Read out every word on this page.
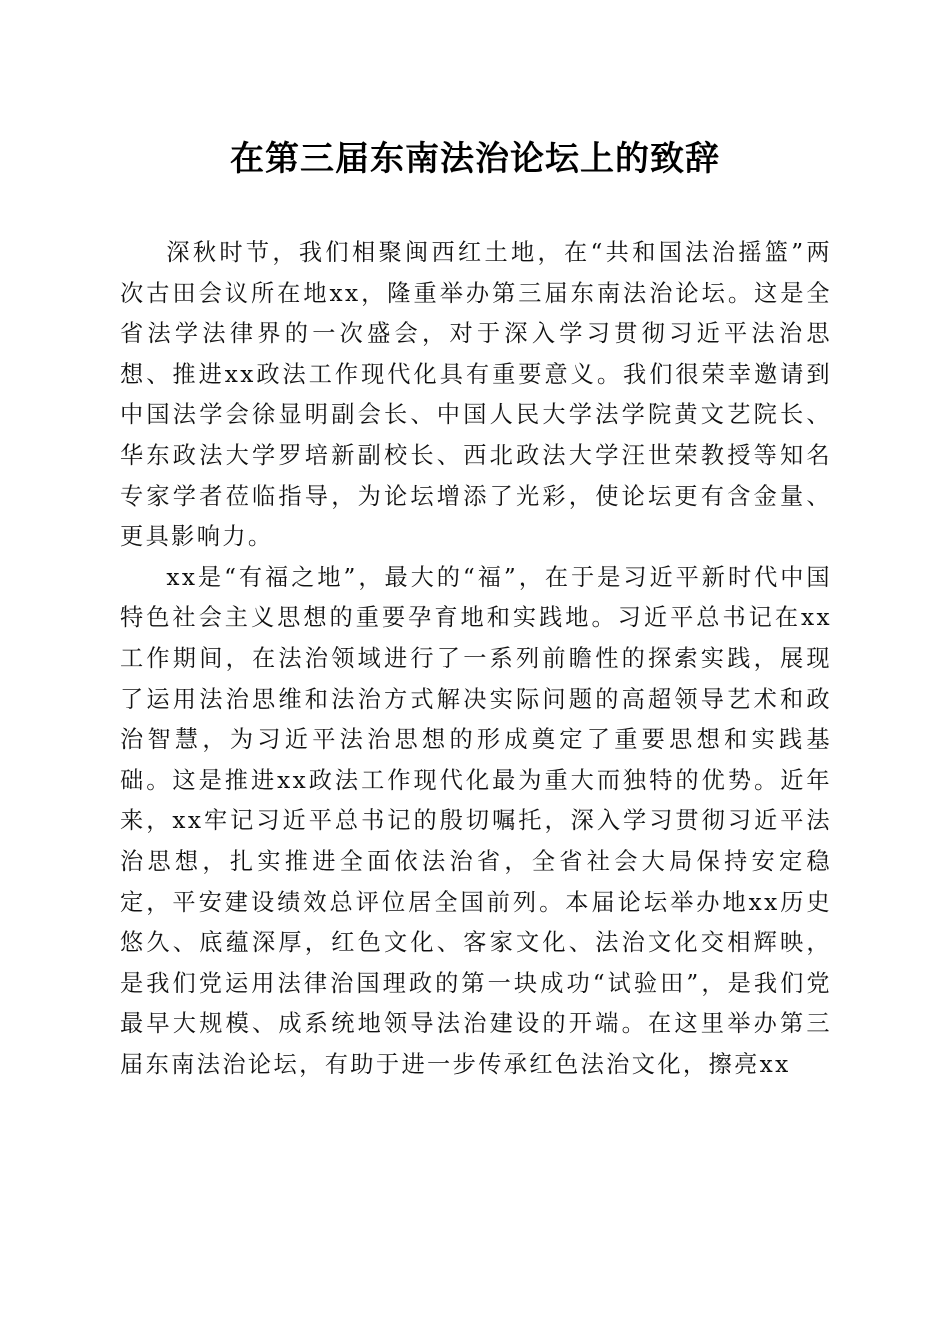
在第三届东南法治论坛上的致辞

深秋时节，我们相聚闽西红土地，在“共和国法治摇篮”两次古田会议所在地xx，隆重举办第三届东南法治论坛。这是全省法学法律界的一次盛会，对于深入学习贯彻习近平法治思想、推进xx政法工作现代化具有重要意义。我们很荣幸邀请到中国法学会徐显明副会长、中国人民大学法学院黄文艺院长、华东政法大学罗培新副校长、西北政法大学汪世荣教授等知名专家学者莅临指导，为论坛增添了光彩，使论坛更有含金量、更具影响力。

xx是“有福之地”，最大的“福”，在于是习近平新时代中国特色社会主义思想的重要孕育地和实践地。习近平总书记在xx工作期间，在法治领域进行了一系列前瞻性的探索实践，展现了运用法治思维和法治方式解决实际问题的高超领导艺术和政治智慧，为习近平法治思想的形成奠定了重要思想和实践基础。这是推进xx政法工作现代化最为重大而独特的优势。近年来，xx牢记习近平总书记的殷切嘱托，深入学习贯彻习近平法治思想，扎实推进全面依法治省，全省社会大局保持安定稳定，平安建设绩效总评位居全国前列。本届论坛举办地xx历史悠久、底蕴深厚，红色文化、客家文化、法治文化交相辉映，是我们党运用法律治国理政的第一块成功“试验田”，是我们党最早大规模、成系统地领导法治建设的开端。在这里举办第三届东南法治论坛，有助于进一步传承红色法治文化，擦亮xx
